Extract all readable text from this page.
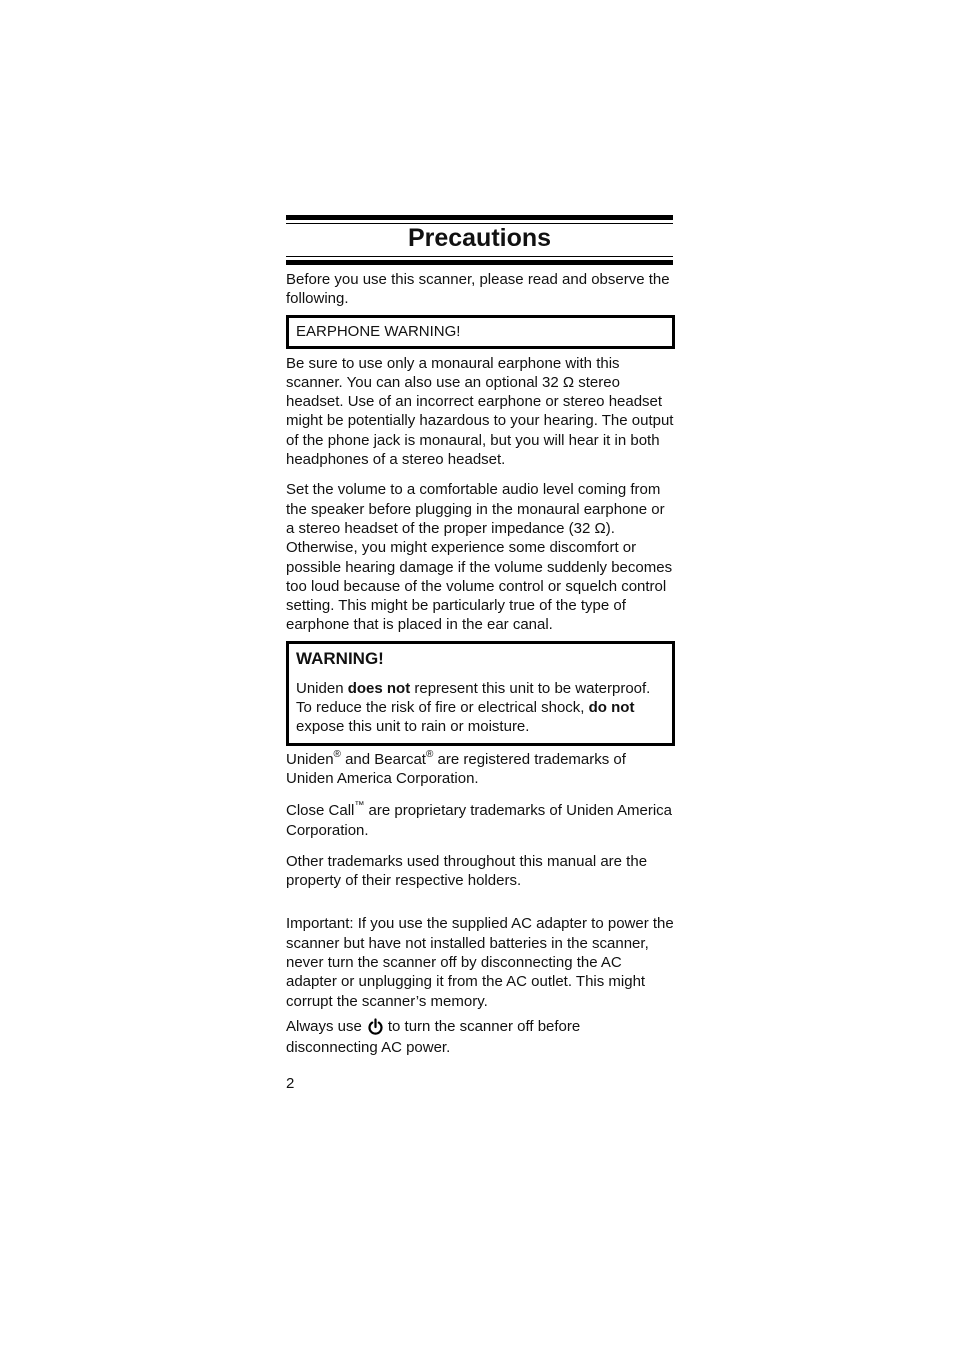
Precautions

Before you use this scanner, please read and observe the following.

EARPHONE WARNING!

Be sure to use only a monaural earphone with this scanner. You can also use an optional 32 Ω stereo headset. Use of an incorrect earphone or stereo headset might be potentially hazardous to your hearing. The output of the phone jack is monaural, but you will hear it in both headphones of a stereo headset.

Set the volume to a comfortable audio level coming from the speaker before plugging in the monaural earphone or a stereo headset of the proper impedance (32 Ω). Otherwise, you might experience some discomfort or possible hearing damage if the volume suddenly becomes too loud because of the volume control or squelch control setting. This might be particularly true of the type of earphone that is placed in the ear canal.

WARNING!

Uniden does not represent this unit to be waterproof. To reduce the risk of fire or electrical shock, do not expose this unit to rain or moisture.

Uniden® and Bearcat® are registered trademarks of Uniden America Corporation.

Close Call™ are proprietary trademarks of Uniden America Corporation.

Other trademarks used throughout this manual are the property of their respective holders.

Important: If you use the supplied AC adapter to power the scanner but have not installed batteries in the scanner, never turn the scanner off by disconnecting the AC adapter or unplugging it from the AC outlet. This might corrupt the scanner’s memory.

Always use to turn the scanner off before disconnecting AC power.

2
